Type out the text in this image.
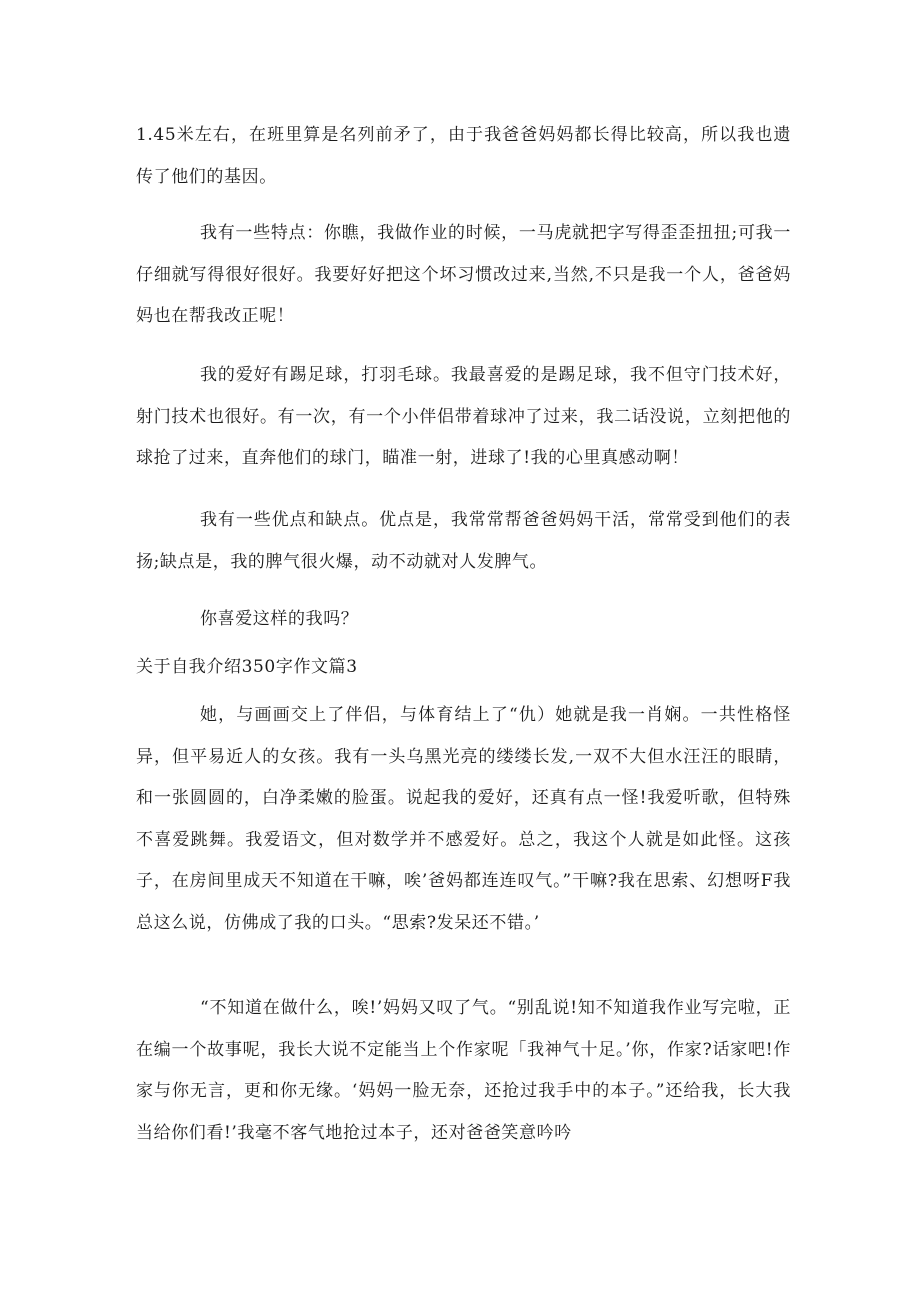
1.45米左右，在班里算是名列前矛了，由于我爸爸妈妈都长得比较高，所以我也遗传了他们的基因。

我有一些特点：你瞧，我做作业的时候，一马虎就把字写得歪歪扭扭;可我一仔细就写得很好很好。我要好好把这个坏习惯改过来,当然,不只是我一个人，爸爸妈妈也在帮我改正呢！

我的爱好有踢足球，打羽毛球。我最喜爱的是踢足球，我不但守门技术好，射门技术也很好。有一次，有一个小伴侣带着球冲了过来，我二话没说，立刻把他的球抢了过来，直奔他们的球门，瞄准一射，进球了!我的心里真感动啊！

我有一些优点和缺点。优点是，我常常帮爸爸妈妈干活，常常受到他们的表扬;缺点是，我的脾气很火爆，动不动就对人发脾气。

你喜爱这样的我吗？

关于自我介绍350字作文篇3

她，与画画交上了伴侣，与体育结上了“仇）她就是我一肖娴。一共性格怪异，但平易近人的女孩。我有一头乌黑光亮的缕缕长发,一双不大但水汪汪的眼睛，和一张圆圆的，白净柔嫩的脸蛋。说起我的爱好，还真有点一怪!我爱听歌，但特殊不喜爱跳舞。我爱语文，但对数学并不感爱好。总之，我这个人就是如此怪。这孩子，在房间里成天不知道在干嘛，唉’爸妈都连连叹气。”干嘛?我在思索、幻想呀F我总这么说，仿佛成了我的口头。“思索?发呆还不错。’

“不知道在做什么，唉!’妈妈又叹了气。“别乱说!知不知道我作业写完啦，正在编一个故事呢，我长大说不定能当上个作家呢「我神气十足。’你，作家?话家吧!作家与你无言，更和你无缘。‘妈妈一脸无奈，还抢过我手中的本子。”还给我，长大我当给你们看!’我毫不客气地抢过本子，还对爸爸笑意吟吟
